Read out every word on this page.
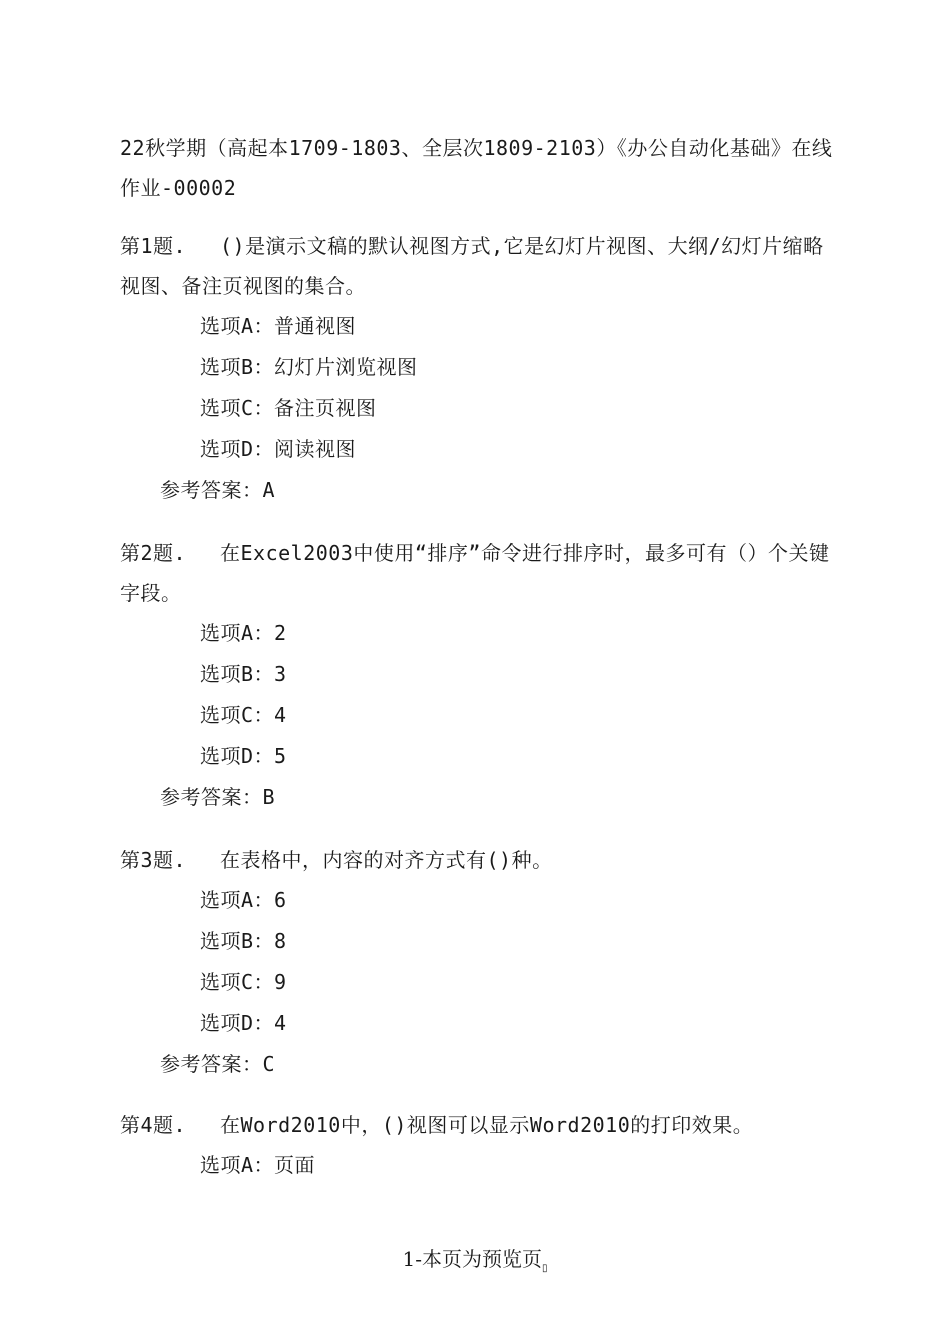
22秋学期（高起本1709-1803、全层次1809-2103）《办公自动化基础》在线作业-00002

第1题. ()是演示文稿的默认视图方式,它是幻灯片视图、大纲/幻灯片缩略视图、备注页视图的集合。

选项A：普通视图

选项B：幻灯片浏览视图

选项C：备注页视图

选项D：阅读视图

参考答案：A

第2题. 在Excel2003中使用“排序”命令进行排序时，最多可有（）个关键字段。

选项A：2

选项B：3

选项C：4

选项D：5

参考答案：B

第3题. 在表格中，内容的对齐方式有()种。

选项A：6

选项B：8

选项C：9

选项D：4

参考答案：C

第4题. 在Word2010中，()视图可以显示Word2010的打印效果。

选项A：页面

1-本页为预览页$_▯$
